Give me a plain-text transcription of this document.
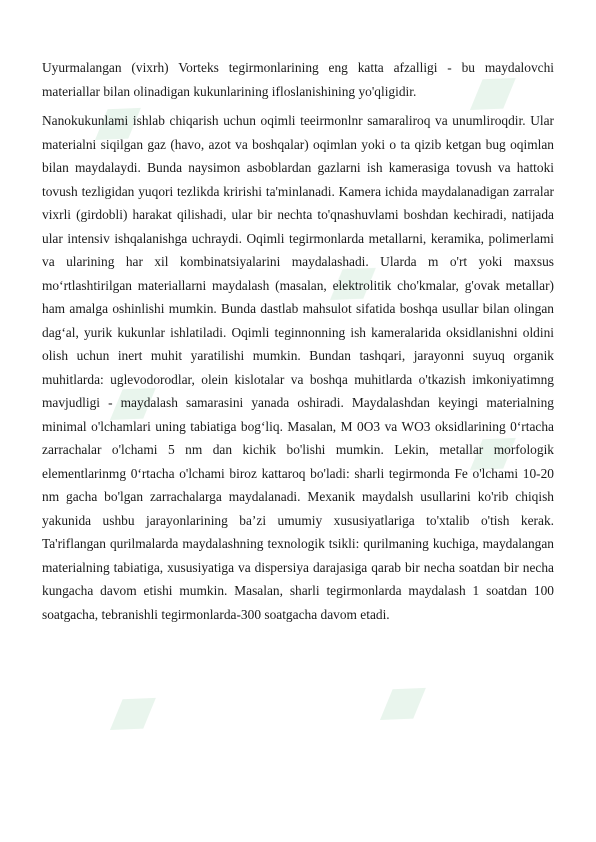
Uyurmalangan (vixrh) Vorteks tegirmonlarining eng katta afzalligi - bu maydalovchi materiallar bilan olinadigan kukunlarining ifloslanishining yo'qligidir.

Nanokukunlami ishlab chiqarish uchun oqimli teeirmonlnr samaraliroq va unumliroqdir. Ular materialni siqilgan gaz (havo, azot va boshqalar) oqimlan yoki o ta qizib ketgan bug oqimlan bilan maydalaydi. Bunda naysimon asboblardan gazlarni ish kamerasiga tovush va hattoki tovush tezligidan yuqori tezlikda kririshi ta'minlanadi. Kamera ichida maydalanadigan zarralar vixrli (girdobli) harakat qilishadi, ular bir nechta to'qnashuvlami boshdan kechiradi, natijada ular intensiv ishqalanishga uchraydi. Oqimli tegirmonlarda metallarni, keramika, polimerlami va ularining har xil kombinatsiyalarini maydalashadi. Ularda m o'rt yoki maxsus mo‘rtlashtirilgan materiallarni maydalash (masalan, elektrolitik cho'kmalar, g'ovak metallar) ham amalga oshinlishi mumkin. Bunda dastlab mahsulot sifatida boshqa usullar bilan olingan dag‘al, yurik kukunlar ishlatiladi. Oqimli teginnonning ish kameralarida oksidlanishni oldini olish uchun inert muhit yaratilishi mumkin. Bundan tashqari, jarayonni suyuq organik muhitlarda: uglevodorodlar, olein kislotalar va boshqa muhitlarda o'tkazish imkoniyatimng mavjudligi - maydalash samarasini yanada oshiradi. Maydalashdan keyingi materialning minimal o'lchamlari uning tabiatiga bog‘liq. Masalan, M 0O3 va WO3 oksidlarining 0‘rtacha zarrachalar o'lchami 5 nm dan kichik bo'lishi mumkin. Lekin, metallar morfologik elementlarinmg 0‘rtacha o'lchami biroz kattaroq bo'ladi: sharli tegirmonda Fe o'lchami 10-20 nm gacha bo'lgan zarrachalarga maydalanadi. Mexanik maydalsh usullarini ko'rib chiqish yakunida ushbu jarayonlarining ba’zi umumiy xususiyatlariga to'xtalib o'tish kerak. Ta'riflangan qurilmalarda maydalashning texnologik tsikli: qurilmaning kuchiga, maydalangan materialning tabiatiga, xususiyatiga va dispersiya darajasiga qarab bir necha soatdan bir necha kungacha davom etishi mumkin. Masalan, sharli tegirmonlarda maydalash 1 soatdan 100 soatgacha, tebranishli tegirmonlarda-300 soatgacha davom etadi.
